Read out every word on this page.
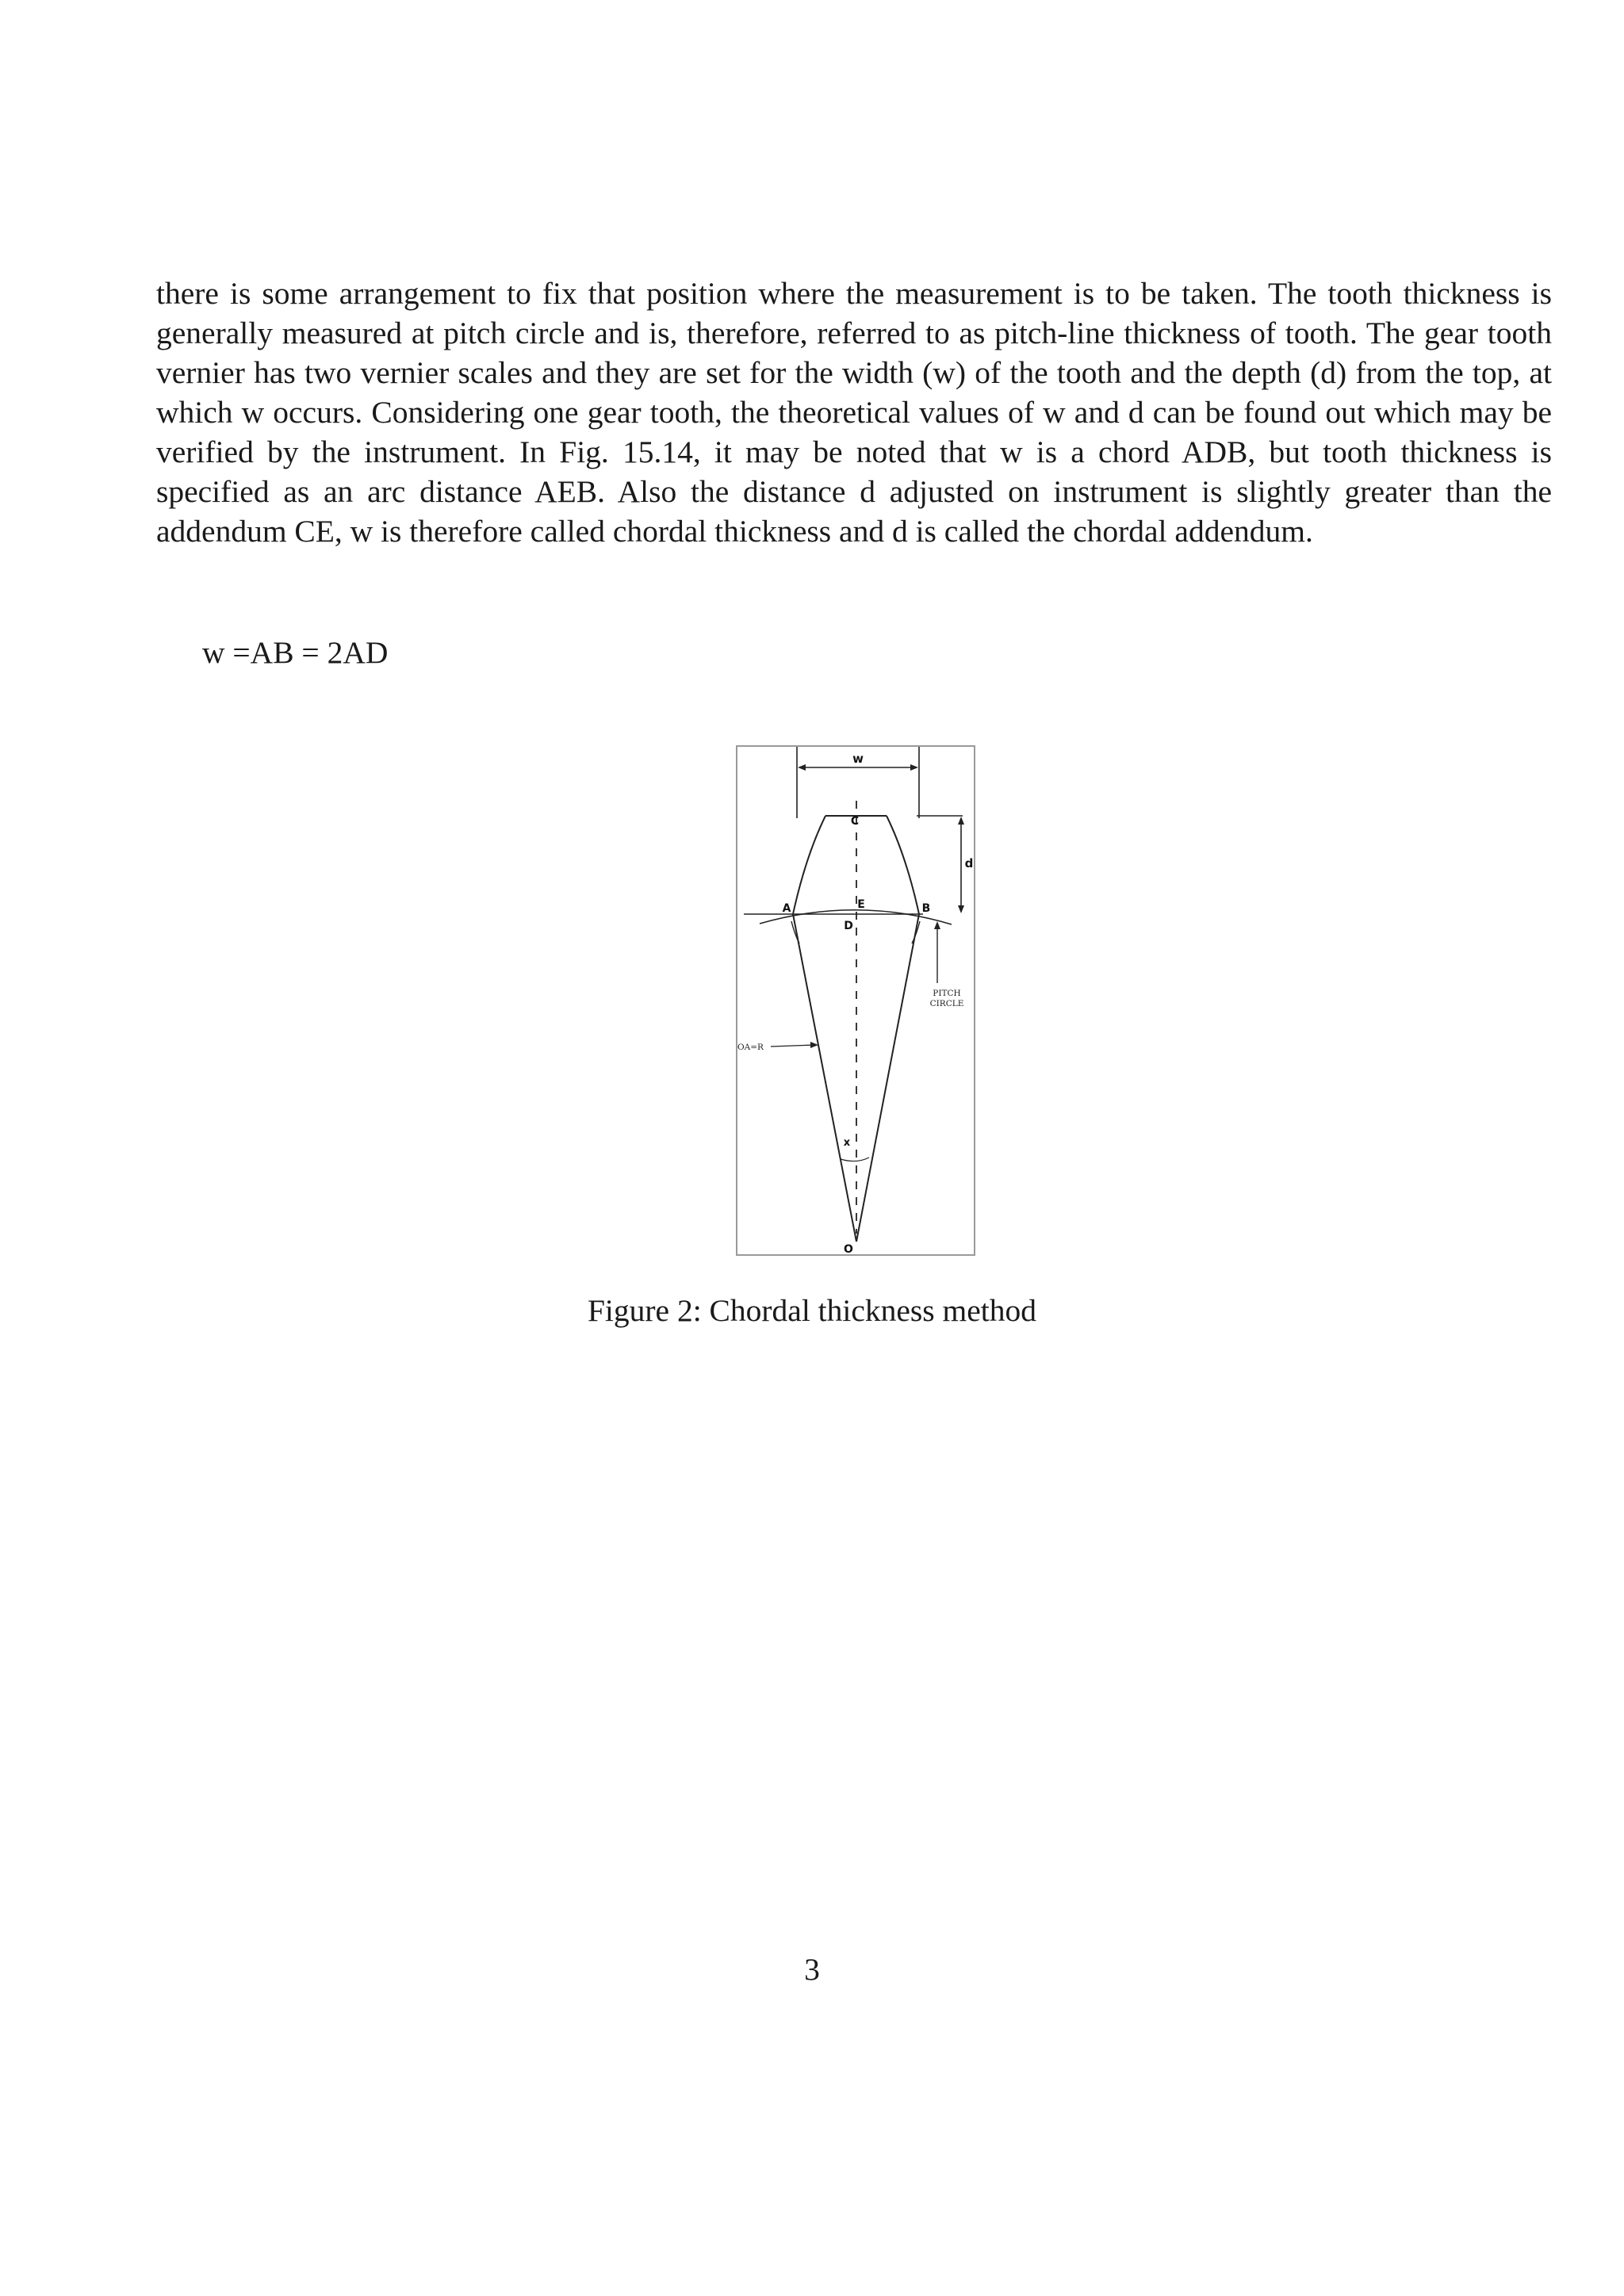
there is some arrangement to fix that position where the measurement is to be taken. The tooth thickness is generally measured at pitch circle and is, therefore, referred to as pitch-line thickness of tooth. The gear tooth vernier has two vernier scales and they are set for the width (w) of the tooth and the depth (d) from the top, at which w occurs. Considering one gear tooth, the theoretical values of w and d can be found out which may be verified by the instrument. In Fig. 15.14, it may be noted that w is a chord ADB, but tooth thickness is specified as an arc distance AEB. Also the distance d adjusted on instrument is slightly greater than the addendum CE, w is therefore called chordal thickness and d is called the chordal addendum.

w =AB = 2AD

w
d
PITCH
CIRCLE
OA=R
x
C
A	B
E
D
O

Figure 2: Chordal thickness method

3
